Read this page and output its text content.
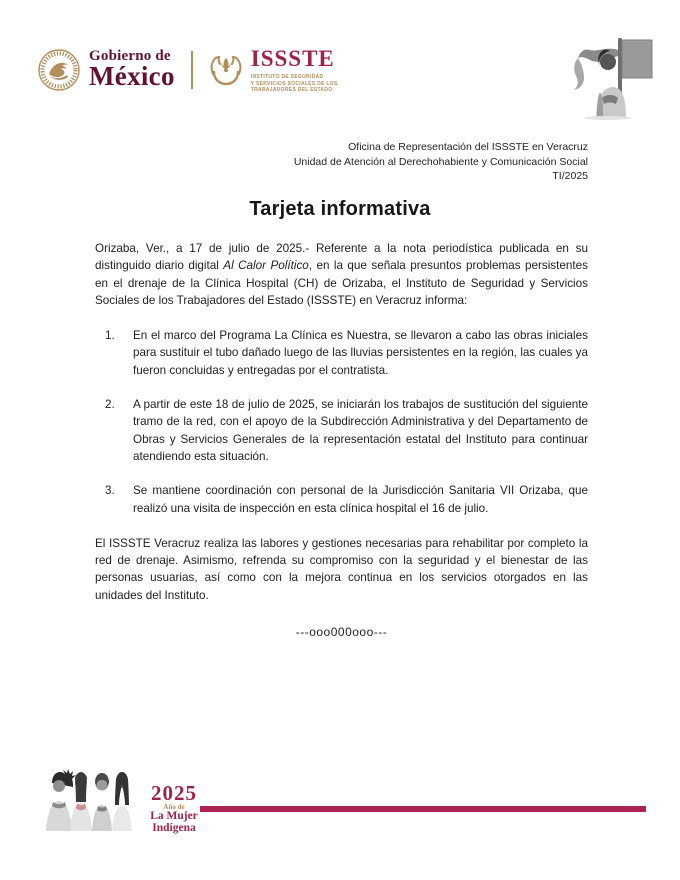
Gobierno de
México
ISSSTE
INSTITUTO DE SEGURIDAD
Y SERVICIOS SOCIALES DE LOS
TRABAJADORES DEL ESTADO
Oficina de Representación del ISSSTE en Veracruz
Unidad de Atención al Derechohabiente y Comunicación Social
TI/2025
Tarjeta informativa

Orizaba, Ver., a 17 de julio de 2025.- Referente a la nota periodística publicada en su distinguido diario digital Al Calor Político, en la que señala presuntos problemas persistentes en el drenaje de la Clínica Hospital (CH) de Orizaba, el Instituto de Seguridad y Servicios Sociales de los Trabajadores del Estado (ISSSTE) en Veracruz informa:

1.	En el marco del Programa La Clínica es Nuestra, se llevaron a cabo las obras iniciales para sustituir el tubo dañado luego de las lluvias persistentes en la región, las cuales ya fueron concluidas y entregadas por el contratista.
2.	A partir de este 18 de julio de 2025, se iniciarán los trabajos de sustitución del siguiente tramo de la red, con el apoyo de la Subdirección Administrativa y del Departamento de Obras y Servicios Generales de la representación estatal del Instituto para continuar atendiendo esta situación.
3.	Se mantiene coordinación con personal de la Jurisdicción Sanitaria VII Orizaba, que realizó una visita de inspección en esta clínica hospital el 16 de julio.

El ISSSTE Veracruz realiza las labores y gestiones necesarias para rehabilitar por completo la red de drenaje. Asimismo, refrenda su compromiso con la seguridad y el bienestar de las personas usuarias, así como con la mejora continua en los servicios otorgados en las unidades del Instituto.

---ooo000ooo---
2025
Año de
La Mujer
Indígena
